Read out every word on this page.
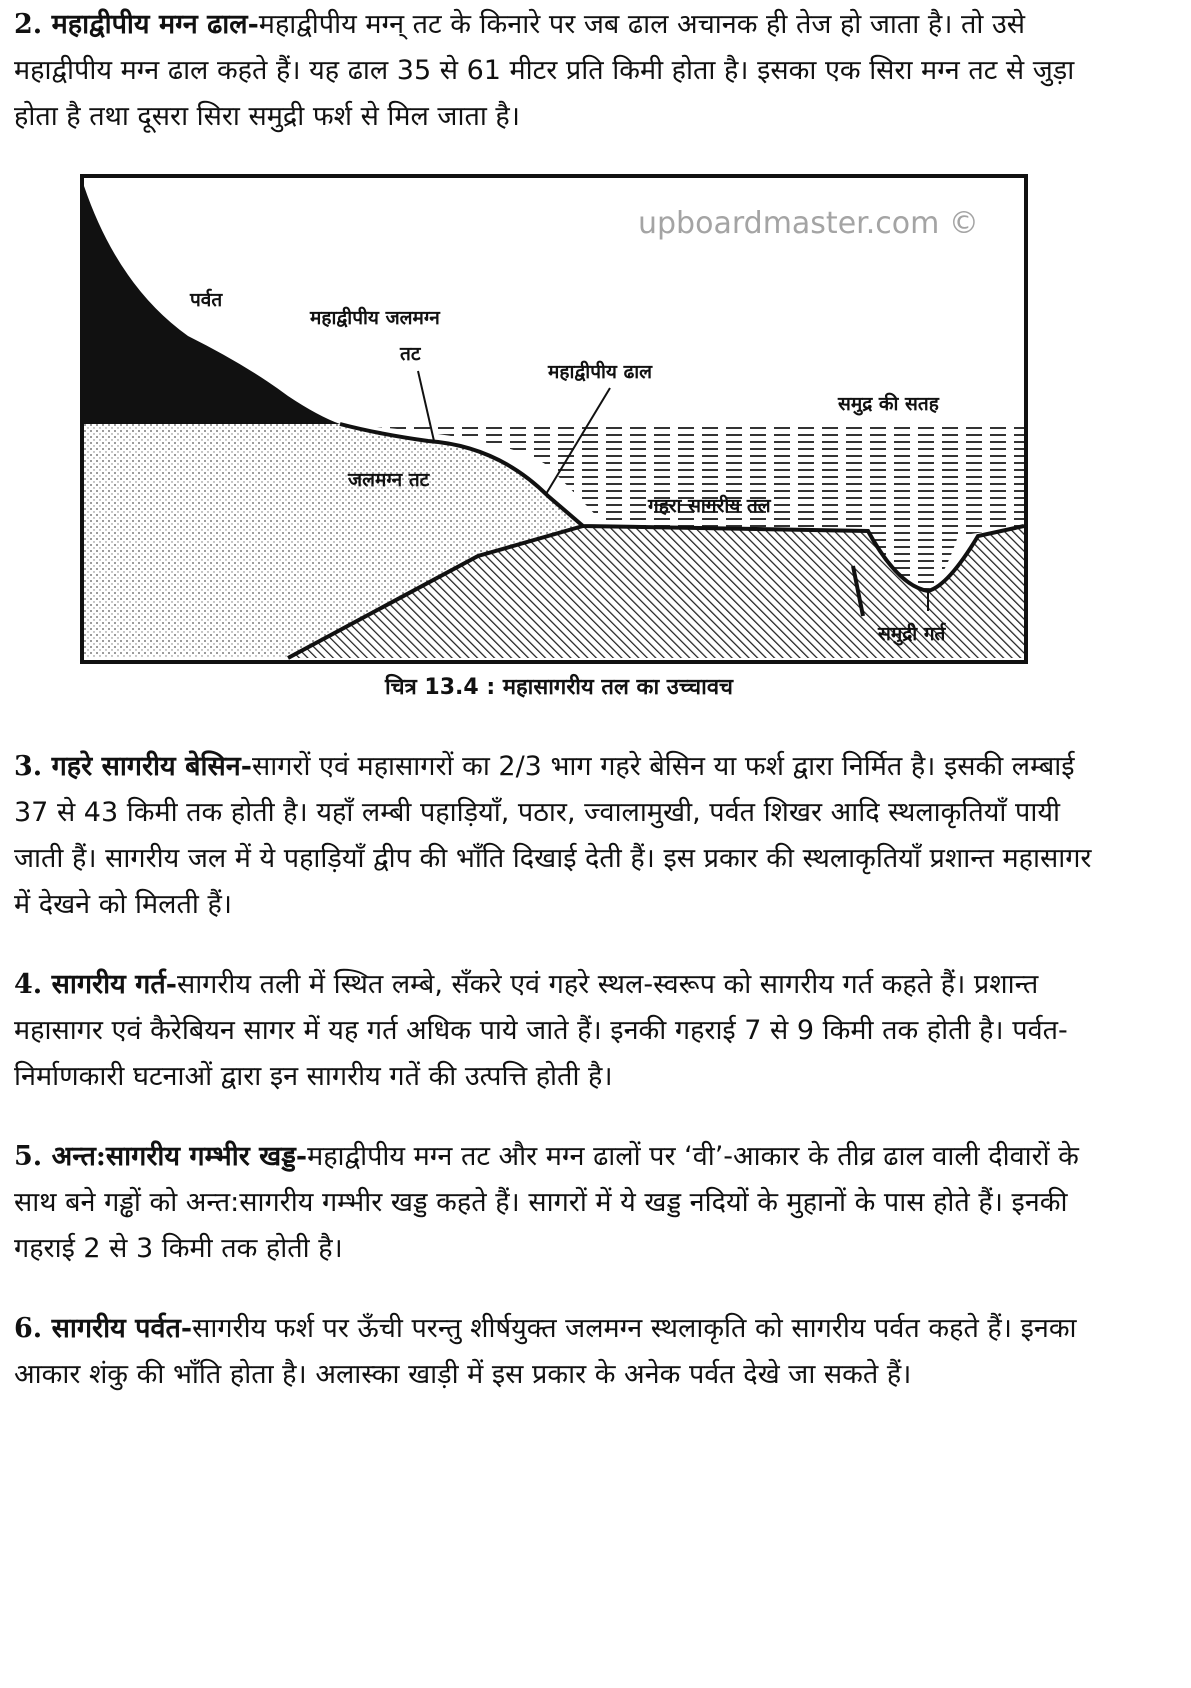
2. महाद्वीपीय मग्न ढाल-महाद्वीपीय मग्न् तट के किनारे पर जब ढाल अचानक ही तेज हो जाता है। तो उसे महाद्वीपीय मग्न ढाल कहते हैं। यह ढाल 35 से 61 मीटर प्रति किमी होता है। इसका एक सिरा मग्न तट से जुड़ा होता है तथा दूसरा सिरा समुद्री फर्श से मिल जाता है।

पर्वत
महाद्वीपीय जलमग्न
तट
महाद्वीपीय ढाल
समुद्र की सतह
जलमग्न तट
गहरा सागरीय तल
समुद्री गर्त
upboardmaster.com ©
चित्र 13.4 : महासागरीय तल का उच्चावच

3. गहरे सागरीय बेसिन-सागरों एवं महासागरों का 2/3 भाग गहरे बेसिन या फर्श द्वारा निर्मित है। इसकी लम्बाई 37 से 43 किमी तक होती है। यहाँ लम्बी पहाड़ियाँ, पठार, ज्वालामुखी, पर्वत शिखर आदि स्थलाकृतियाँ पायी जाती हैं। सागरीय जल में ये पहाड़ियाँ द्वीप की भाँति दिखाई देती हैं। इस प्रकार की स्थलाकृतियाँ प्रशान्त महासागर में देखने को मिलती हैं।

4. सागरीय गर्त-सागरीय तली में स्थित लम्बे, सँकरे एवं गहरे स्थल-स्वरूप को सागरीय गर्त कहते हैं। प्रशान्त महासागर एवं कैरेबियन सागर में यह गर्त अधिक पाये जाते हैं। इनकी गहराई 7 से 9 किमी तक होती है। पर्वत-निर्माणकारी घटनाओं द्वारा इन सागरीय गतें की उत्पत्ति होती है।

5. अन्त:सागरीय गम्भीर खड्ड-महाद्वीपीय मग्न तट और मग्न ढालों पर ‘वी’-आकार के तीव्र ढाल वाली दीवारों के साथ बने गड्ढों को अन्त:सागरीय गम्भीर खड्ड कहते हैं। सागरों में ये खड्ड नदियों के मुहानों के पास होते हैं। इनकी गहराई 2 से 3 किमी तक होती है।

6. सागरीय पर्वत-सागरीय फर्श पर ऊँची परन्तु शीर्षयुक्त जलमग्न स्थलाकृति को सागरीय पर्वत कहते हैं। इनका आकार शंकु की भाँति होता है। अलास्का खाड़ी में इस प्रकार के अनेक पर्वत देखे जा सकते हैं।
